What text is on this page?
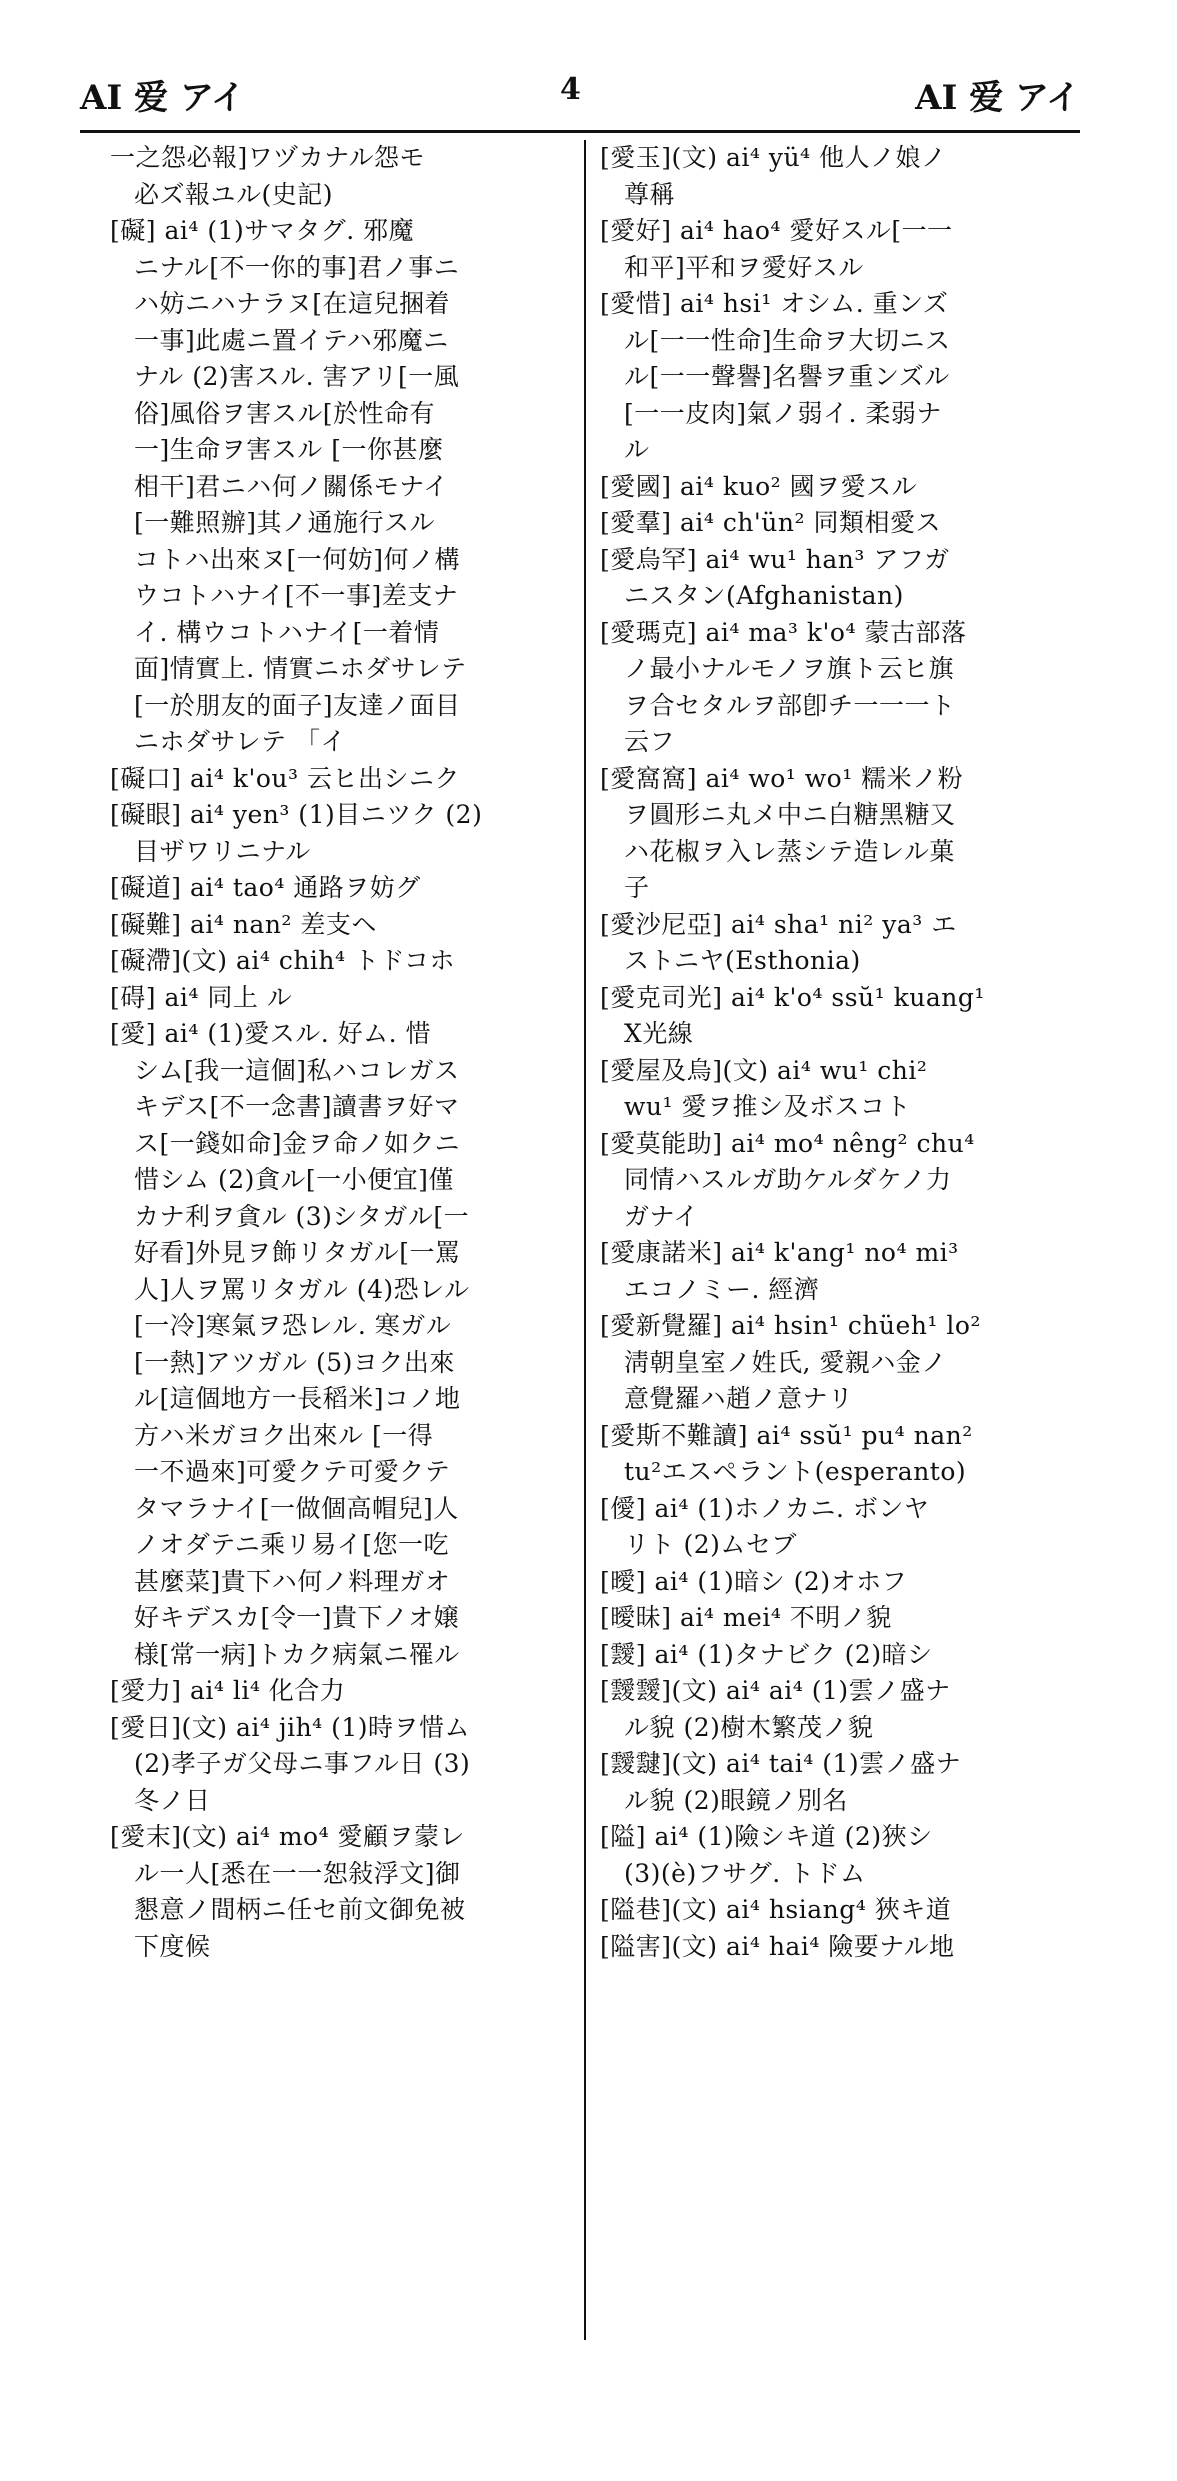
AI 爱 アイ	4	AI 爱 アイ
一之怨必報]ワヅカナル怨モ
必ズ報ユル(史記)
[礙] ai⁴ (1)サマタグ. 邪魔
ニナル[不一你的事]君ノ事ニ
ハ妨ニハナラヌ[在這兒捆着
一事]此處ニ置イテハ邪魔ニ
ナル (2)害スル. 害アリ[一風
俗]風俗ヲ害スル[於性命有
一]生命ヲ害スル [一你甚麼
相干]君ニハ何ノ關係モナイ
[一難照辦]其ノ通施行スル
コトハ出來ヌ[一何妨]何ノ構
ウコトハナイ[不一事]差支ナ
イ. 構ウコトハナイ[一着情
面]情實上. 情實ニホダサレテ
[一於朋友的面子]友達ノ面目
ニホダサレテ 「イ
[礙口] ai⁴ k'ou³ 云ヒ出シニク
[礙眼] ai⁴ yen³ (1)目ニツク (2)
目ザワリニナル
[礙道] ai⁴ tao⁴ 通路ヲ妨グ
[礙難] ai⁴ nan² 差支ヘ
[礙滯](文) ai⁴ chih⁴ トドコホ
[碍] ai⁴ 同上 ル
[愛] ai⁴ (1)愛スル. 好ム. 惜
シム[我一這個]私ハコレガス
キデス[不一念書]讀書ヲ好マ
ス[一錢如命]金ヲ命ノ如クニ
惜シム (2)貪ル[一小便宜]僅
カナ利ヲ貪ル (3)シタガル[一
好看]外見ヲ飾リタガル[一罵
人]人ヲ罵リタガル (4)恐レル
[一冷]寒氣ヲ恐レル. 寒ガル
[一熱]アツガル (5)ヨク出來
ル[這個地方一長稻米]コノ地
方ハ米ガヨク出來ル [一得
一不過來]可愛クテ可愛クテ
タマラナイ[一做個高帽兒]人
ノオダテニ乘リ易イ[您一吃
甚麼菜]貴下ハ何ノ料理ガオ
好キデスカ[令一]貴下ノオ嬢
様[常一病]トカク病氣ニ罹ル
[愛力] ai⁴ li⁴ 化合力
[愛日](文) ai⁴ jih⁴ (1)時ヲ惜ム
(2)孝子ガ父母ニ事フル日 (3)
冬ノ日
[愛末](文) ai⁴ mo⁴ 愛顧ヲ蒙レ
ル一人[悉在一一恕敍浮文]御
懇意ノ間柄ニ任セ前文御免被
下度候
[愛玉](文) ai⁴ yü⁴ 他人ノ娘ノ
尊稱
[愛好] ai⁴ hao⁴ 愛好スル[一一
和平]平和ヲ愛好スル
[愛惜] ai⁴ hsi¹ オシム. 重ンズ
ル[一一性命]生命ヲ大切ニス
ル[一一聲譽]名譽ヲ重ンズル
[一一皮肉]氣ノ弱イ. 柔弱ナ
ル
[愛國] ai⁴ kuo² 國ヲ愛スル
[愛羣] ai⁴ ch'ün² 同類相愛ス
[愛烏罕] ai⁴ wu¹ han³ アフガ
ニスタン(Afghanistan)
[愛瑪克] ai⁴ ma³ k'o⁴ 蒙古部落
ノ最小ナルモノヲ旗ト云ヒ旗
ヲ合セタルヲ部卽チ一一一ト
云フ
[愛窩窩] ai⁴ wo¹ wo¹ 糯米ノ粉
ヲ圓形ニ丸メ中ニ白糖黑糖又
ハ花椒ヲ入レ蒸シテ造レル菓
子
[愛沙尼亞] ai⁴ sha¹ ni² ya³ エ
ストニヤ(Esthonia)
[愛克司光] ai⁴ k'o⁴ ssŭ¹ kuang¹
X光線
[愛屋及烏](文) ai⁴ wu¹ chi²
wu¹ 愛ヲ推シ及ボスコト
[愛莫能助] ai⁴ mo⁴ nêng² chu⁴
同情ハスルガ助ケルダケノ力
ガナイ
[愛康諾米] ai⁴ k'ang¹ no⁴ mi³
エコノミー. 經濟
[愛新覺羅] ai⁴ hsin¹ chüeh¹ lo²
淸朝皇室ノ姓氏, 愛親ハ金ノ
意覺羅ハ趙ノ意ナリ
[愛斯不難讀] ai⁴ ssŭ¹ pu⁴ nan²
tu²エスペラント(esperanto)
[僾] ai⁴ (1)ホノカニ. ボンヤ
リト (2)ムセブ
[曖] ai⁴ (1)暗シ (2)オホフ
[曖昧] ai⁴ mei⁴ 不明ノ貌
[靉] ai⁴ (1)タナビク (2)暗シ
[靉靉](文) ai⁴ ai⁴ (1)雲ノ盛ナ
ル貌 (2)樹木繁茂ノ貌
[靉靆](文) ai⁴ tai⁴ (1)雲ノ盛ナ
ル貌 (2)眼鏡ノ別名
[隘] ai⁴ (1)險シキ道 (2)狹シ
(3)(è)フサグ. トドム
[隘巷](文) ai⁴ hsiang⁴ 狹キ道
[隘害](文) ai⁴ hai⁴ 險要ナル地
